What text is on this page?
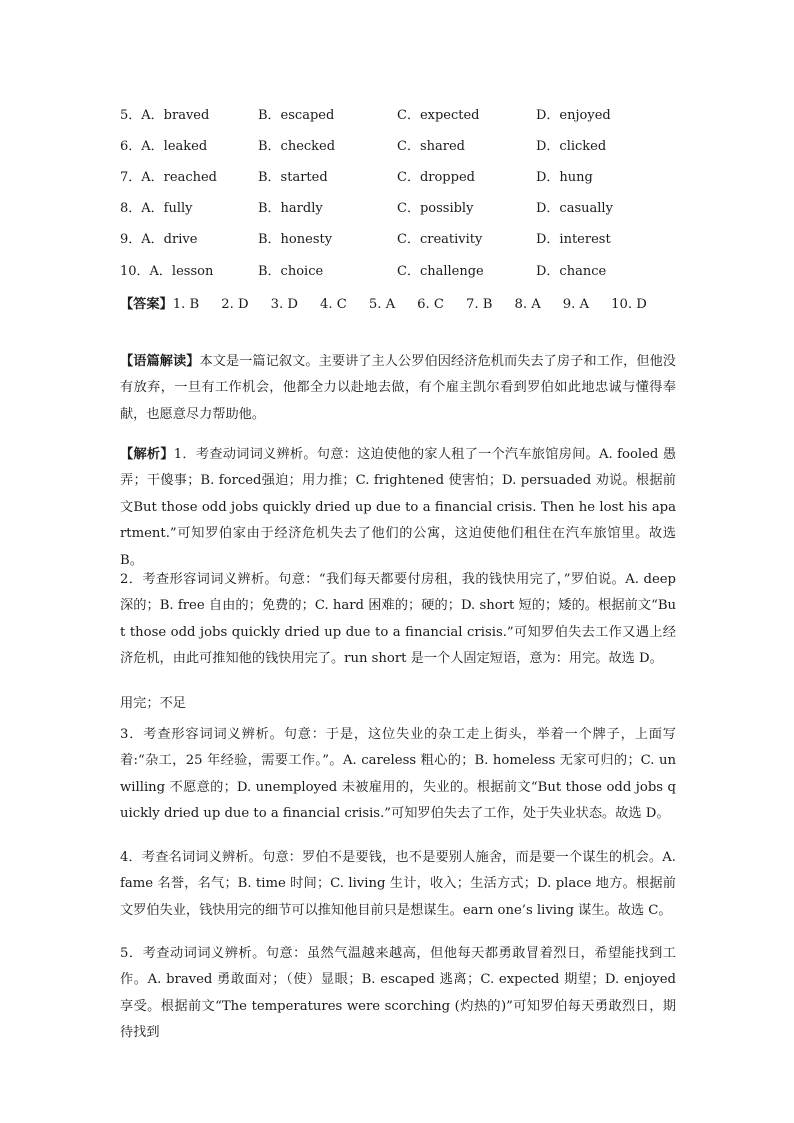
5．A．braved	B．escaped	C．expected	D．enjoyed
6．A．leaked	B．checked	C．shared	D．clicked
7．A．reached	B．started	C．dropped	D．hung
8．A．fully	B．hardly	C．possibly	D．casually
9．A．drive	B．honesty	C．creativity	D．interest
10．A．lesson	B．choice	C．challenge	D．chance
【答案】1. B 2. D 3. D 4. C 5. A 6. C 7. B 8. A 9. A 10. D

【语篇解读】本文是一篇记叙文。主要讲了主人公罗伯因经济危机而失去了房子和工作，但他没有放弃，一旦有工作机会，他都全力以赴地去做，有个雇主凯尔看到罗伯如此地忠诚与懂得奉献，也愿意尽力帮助他。

【解析】1．考查动词词义辨析。句意：这迫使他的家人租了一个汽车旅馆房间。A. fooled 愚弄；干傻事；B. forced强迫；用力推；C. frightened 使害怕；D. persuaded 劝说。根据前文But those odd jobs quickly dried up due to a financial crisis. Then he lost his apartment.”可知罗伯家由于经济危机失去了他们的公寓，这迫使他们租住在汽车旅馆里。故选 B。

2．考查形容词词义辨析。句意：“我们每天都要付房租，我的钱快用完了，”罗伯说。A. deep 深的；B. free 自由的；免费的；C. hard 困难的；硬的；D. short 短的；矮的。根据前文“But those odd jobs quickly dried up due to a financial crisis.”可知罗伯失去工作又遇上经济危机，由此可推知他的钱快用完了。run short 是一个人固定短语，意为：用完。故选 D。

用完；不足

3．考查形容词词义辨析。句意：于是，这位失业的杂工走上街头，举着一个牌子，上面写着:“杂工，25 年经验，需要工作。”。A. careless 粗心的；B. homeless 无家可归的；C. unwilling 不愿意的；D. unemployed 未被雇用的，失业的。根据前文“But those odd jobs quickly dried up due to a financial crisis.”可知罗伯失去了工作，处于失业状态。故选 D。

4．考查名词词义辨析。句意：罗伯不是要钱，也不是要别人施舍，而是要一个谋生的机会。A. fame 名誉，名气；B. time 时间；C. living 生计，收入；生活方式；D. place 地方。根据前文罗伯失业，钱快用完的细节可以推知他目前只是想谋生。earn one’s living 谋生。故选 C。

5．考查动词词义辨析。句意：虽然气温越来越高，但他每天都勇敢冒着烈日，希望能找到工作。A. braved 勇敢面对；（使）显眼；B. escaped 逃离；C. expected 期望；D. enjoyed 享受。根据前文“The temperatures were scorching (灼热的)”可知罗伯每天勇敢烈日，期待找到
